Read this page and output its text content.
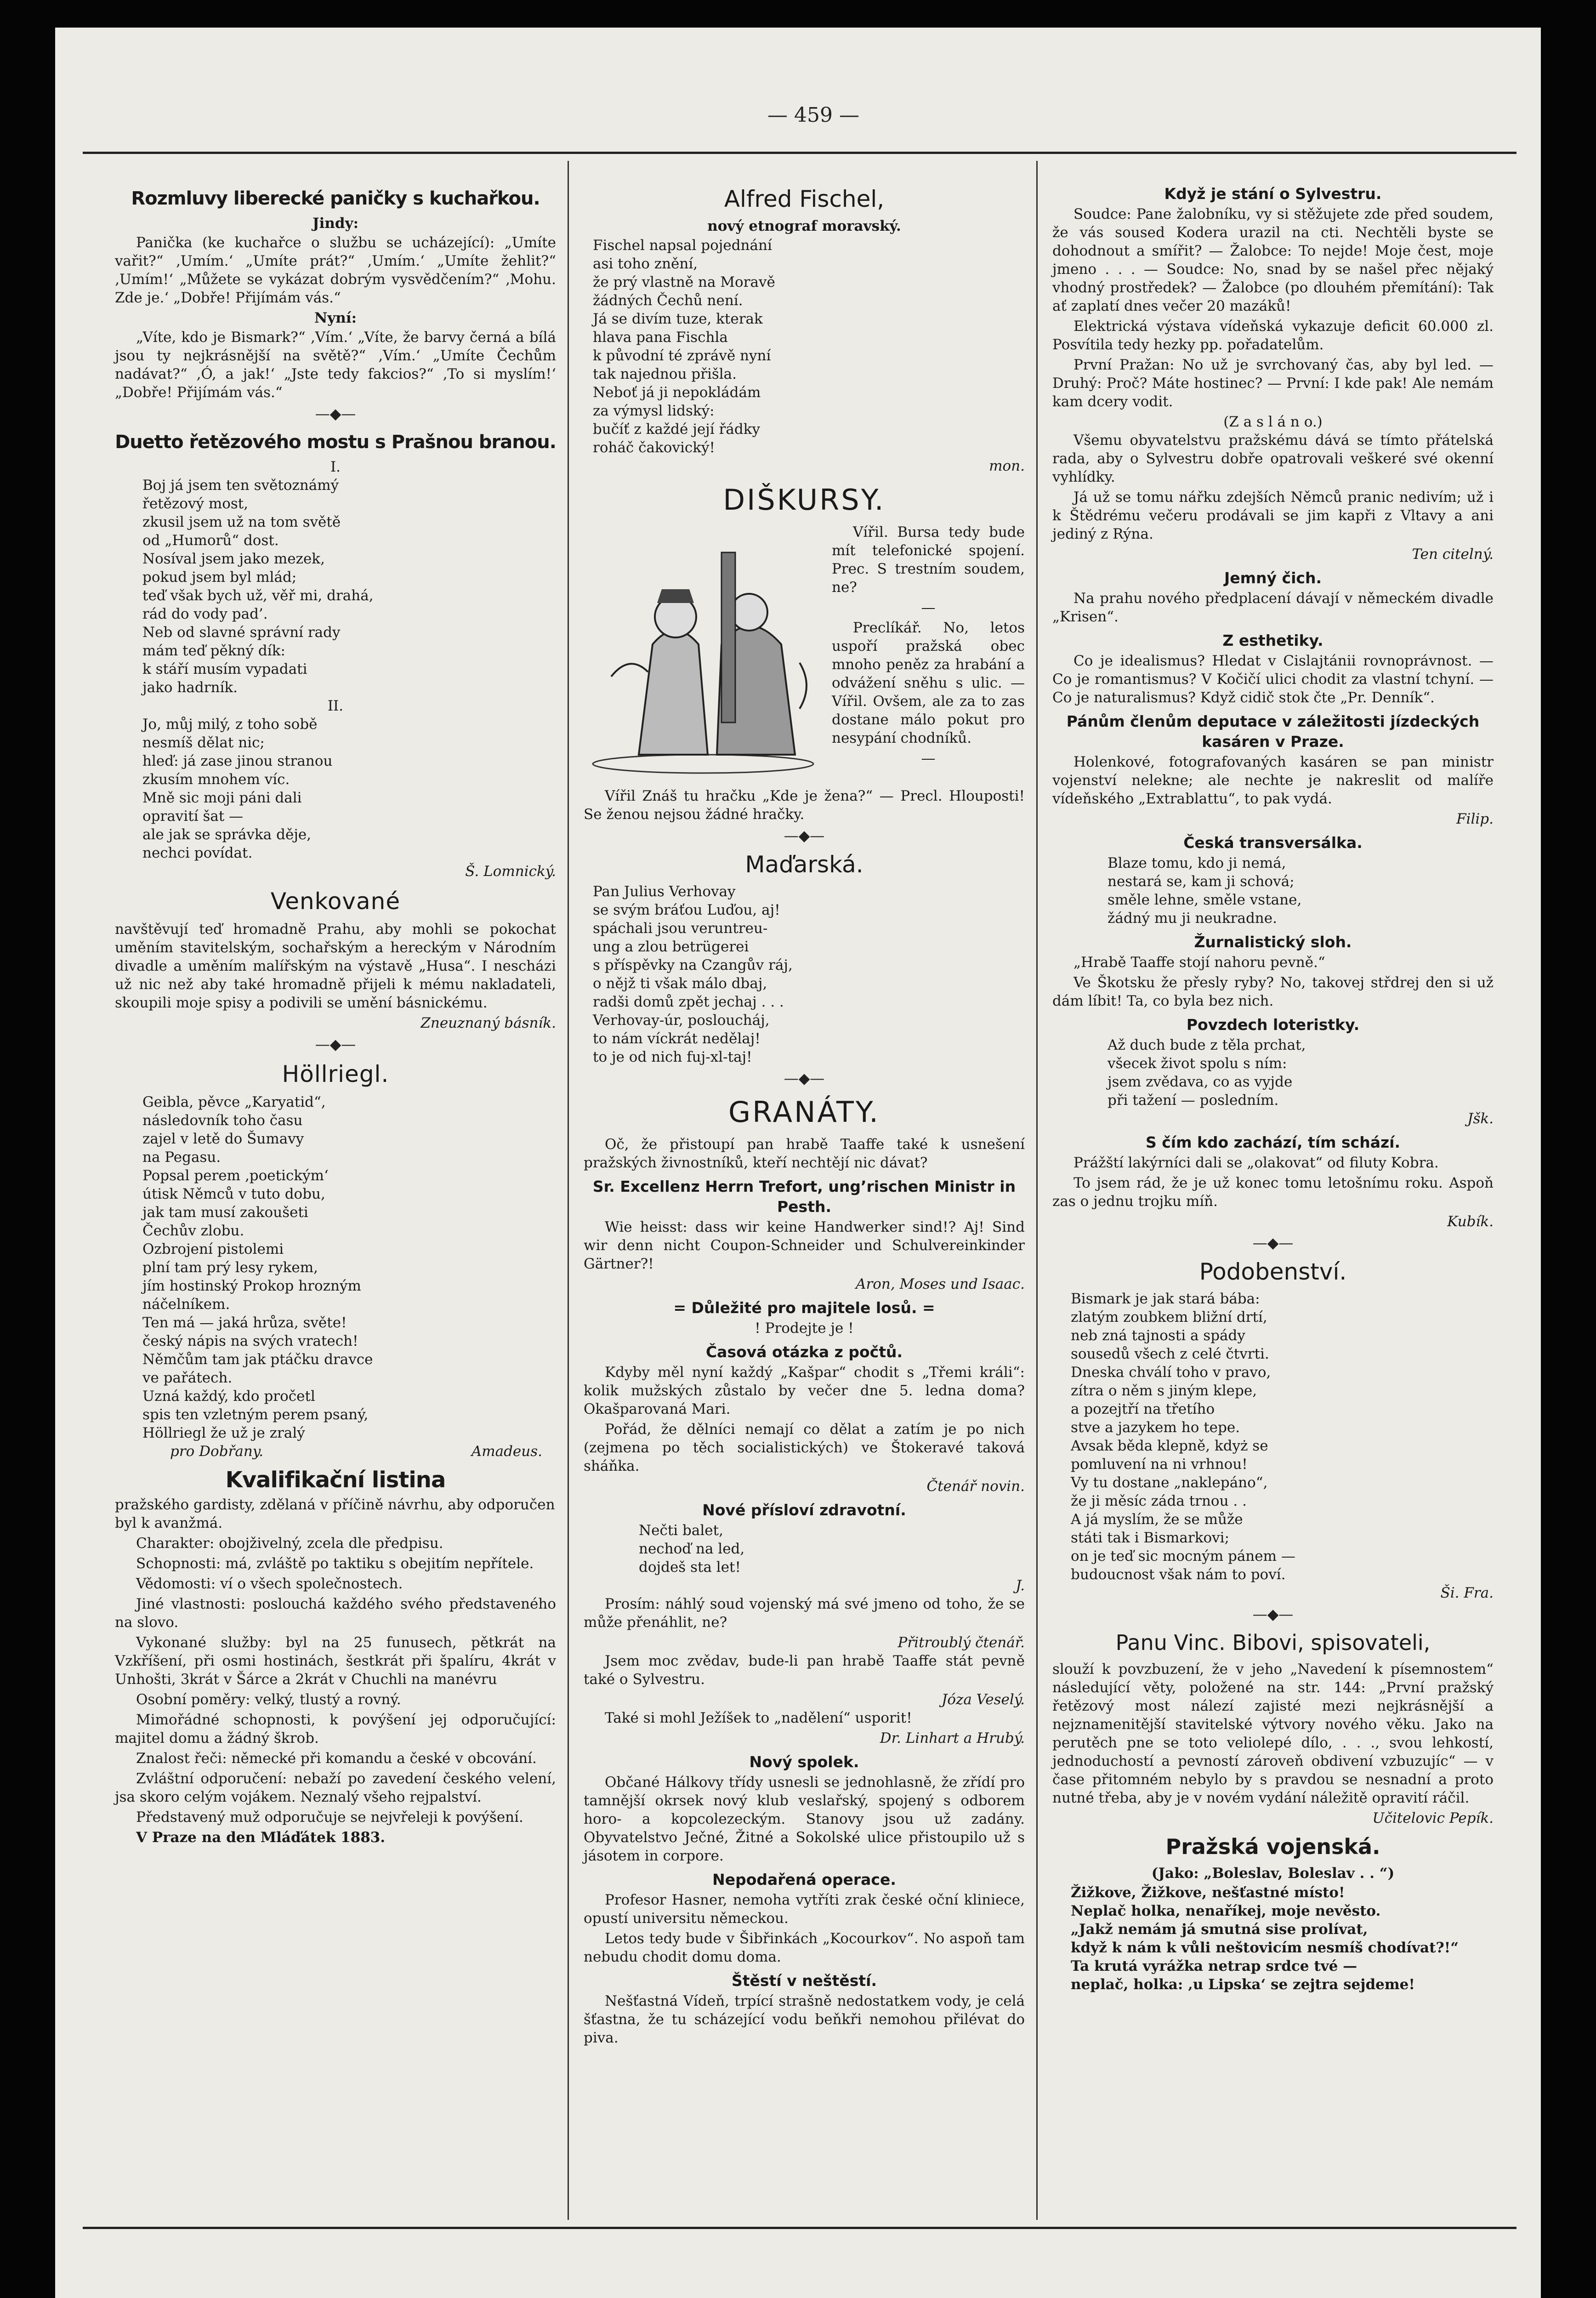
— 459 —
Rozmluvy liberecké paničky s kuchařkou.
Jindy:

Panička (ke kuchařce o službu se ucházející): „Umíte vařit?“ ‚Umím.‘ „Umíte prát?“ ‚Umím.‘ „Umíte žehlit?“ ‚Umím!‘ „Můžete se vykázat dobrým vysvědčením?“ ‚Mohu. Zde je.‘ „Dobře! Přijímám vás.“

Nyní:

„Víte, kdo je Bismark?“ ‚Vím.‘ „Víte, že barvy černá a bílá jsou ty nejkrásnější na světě?“ ‚Vím.‘ „Umíte Čechům nadávat?“ ‚Ó, a jak!‘ „Jste tedy fakcios?“ ‚To si myslím!‘ „Dobře! Přijímám vás.“

—◆—
Duetto řetězového mostu s Prašnou branou.
I.
Boj já jsem ten světoznámý
řetězový most,
zkusil jsem už na tom světě
od „Humorů“ dost.
Nosíval jsem jako mezek,
pokud jsem byl mlád;
teď však bych už, věř mi, drahá,
rád do vody pad’.
Neb od slavné správní rady
mám teď pěkný dík:
k stáří musím vypadati
jako hadrník.
II.
Jo, můj milý, z toho sobě
nesmíš dělat nic;
hleď: já zase jinou stranou
zkusím mnohem víc.
Mně sic moji páni dali
opravití šat —
ale jak se správka děje,
nechci povídat.
Š. Lomnický.
Venkované

navštěvují teď hromadně Prahu, aby mohli se pokochat uměním stavitelským, sochařským a hereckým v Národním divadle a uměním malířským na výstavě „Husa“. I nescházi už nic než aby také hromadně přijeli k mému nakladateli, skoupili moje spisy a podivili se umění básnickému.

Zneuznaný básník.
—◆—
Höllriegl.
Geibla, pěvce „Karyatid“,
následovník toho času
zajel v letě do Šumavy
na Pegasu.
Popsal perem ‚poetickým‘
útisk Němců v tuto dobu,
jak tam musí zakoušeti
Čechův zlobu.
Ozbrojení pistolemi
plní tam prý lesy rykem,
jím hostinský Prokop hrozným
náčelníkem.
Ten má — jaká hrůza, světe!
český nápis na svých vratech!
Němčům tam jak ptáčku dravce
ve pařátech.
Uzná každý, kdo pročetl
spis ten vzletným perem psaný,
Höllriegl že už je zralý
pro Dobřany.	Amadeus.
Kvalifikační listina

pražského gardisty, zdělaná v příčině návrhu, aby odporučen byl k avanžmá.

Charakter: obojživelný, zcela dle předpisu.

Schopnosti: má, zvláště po taktiku s obejitím nepřítele.

Vědomosti: ví o všech společnostech.

Jiné vlastnosti: poslouchá každého svého představeného na slovo.

Vykonané služby: byl na 25 funusech, pětkrát na Vzkříšení, při osmi hostinách, šestkrát při špalíru, 4krát v Unhošti, 3krát v Šárce a 2krát v Chuchli na manévru

Osobní poměry: velký, tlustý a rovný.

Mimořádné schopnosti, k povýšení jej odporučující: majitel domu a žádný škrob.

Znalost řeči: německé při komandu a české v obcování.

Zvláštní odporučení: nebaží po zavedení českého velení, jsa skoro celým vojákem. Neznalý všeho rejpalství.

Představený muž odporučuje se nejvřeleji k povýšení.

V Praze na den Mláďátek 1883.

Alfred Fischel,
nový etnograf moravský.
Fischel napsal pojednání
asi toho znění,
že prý vlastně na Moravě
žádných Čechů není.
Já se divím tuze, kterak
hlava pana Fischla
k původní té zprávě nyní
tak najednou přišla.
Neboť já ji nepokládám
za výmysl lidský:
bučíť z každé její řádky
roháč čakovický!
mon.
DIŠKURSY.

Vířil. Bursa tedy bude mít telefonické spojení. Prec. S trestním soudem, ne?

—

Preclíkář. No, letos uspoří pražská obec mnoho peněz za hrabání a odvážení sněhu s ulic. — Vířil. Ovšem, ale za to zas dostane málo pokut pro nesypání chodníků.

—

Vířil Znáš tu hračku „Kde je žena?“ — Precl. Hlouposti! Se ženou nejsou žádné hračky.

—◆—
Maďarská.
Pan Julius Verhovay
se svým bráťou Luďou, aj!
spáchali jsou veruntreu-
ung a zlou betrügerei
s příspěvky na Czangův ráj,
o nějž ti však málo dbaj,
radši domů zpět jechaj . . .
Verhovay-úr, posloucháj,
to nám víckrát nedělaj!
to je od nich fuj-xl-taj!
—◆—
GRANÁTY.

Oč, že přistoupí pan hrabě Taaffe také k usnešení pražských živnostníků, kteří nechtějí nic dávat?

Sr. Excellenz Herrn Trefort, ung’rischen Ministr in Pesth.

Wie heisst: dass wir keine Handwerker sind!? Aj! Sind wir denn nicht Coupon-Schneider und Schulvereinkinder Gärtner?!

Aron, Moses und Isaac.
= Důležité pro majitele losů. =
! Prodejte je !
Časová otázka z počtů.

Kdyby měl nyní každý „Kašpar“ chodit s „Třemi králi“: kolik mužských zůstalo by večer dne 5. ledna doma? Okašparovaná Mari.

Pořád, že dělníci nemají co dělat a zatím je po nich (zejmena po těch socialistických) ve Štokeravé taková sháňka.

Čtenář novin.
Nové přísloví zdravotní.
Nečti balet,
nechoď na led,
dojdeš sta let!
J.

Prosím: náhlý soud vojenský má své jmeno od toho, že se může přenáhlit, ne?

Přitroublý čtenář.

Jsem moc zvědav, bude-li pan hrabě Taaffe stát pevně také o Sylvestru.

Józa Veselý.

Také si mohl Ježíšek to „nadělení“ usporit!

Dr. Linhart a Hrubý.
Nový spolek.

Občané Hálkovy třídy usnesli se jednohlasně, že zřídí pro tamnější okrsek nový klub veslařský, spojený s odborem horo- a kopcolezeckým. Stanovy jsou už zadány. Obyvatelstvo Ječné, Žitné a Sokolské ulice přistoupilo už s jásotem in corpore.

Nepodařená operace.

Profesor Hasner, nemoha vytříti zrak české oční kliniece, opustí universitu německou.

Letos tedy bude v Šibřinkách „Kocourkov“. No aspoň tam nebudu chodit domu doma.

Štěstí v neštěstí.

Nešťastná Vídeň, trpící strašně nedostatkem vody, je celá šťastna, že tu scházející vodu beňkři nemohou přilévat do piva.

Když je stání o Sylvestru.

Soudce: Pane žalobníku, vy si stěžujete zde před soudem, že vás soused Kodera urazil na cti. Nechtěli byste se dohodnout a smířit? — Žalobce: To nejde! Moje čest, moje jmeno . . . — Soudce: No, snad by se našel přec nějaký vhodný prostředek? — Žalobce (po dlouhém přemítání): Tak ať zaplatí dnes večer 20 mazáků!

Elektrická výstava vídeňská vykazuje deficit 60.000 zl. Posvítila tedy hezky pp. pořadatelům.

První Pražan: No už je svrchovaný čas, aby byl led. — Druhý: Proč? Máte hostinec? — První: I kde pak! Ale nemám kam dcery vodit.

(Z a s l á n o.)

Všemu obyvatelstvu pražskému dává se tímto přátelská rada, aby o Sylvestru dobře opatrovali veškeré své okenní vyhlídky.

Já už se tomu nářku zdejších Němců pranic nedivím; už i k Štědrému večeru prodávali se jim kapři z Vltavy a ani jediný z Rýna.

Ten citelný.
Jemný čich.

Na prahu nového předplacení dávají v německém divadle „Krisen“.

Z esthetiky.

Co je idealismus? Hledat v Cislajtánii rovnoprávnost. — Co je romantismus? V Kočičí ulici chodit za vlastní tchyní. — Co je naturalismus? Když cidič stok čte „Pr. Denník“.

Pánům členům deputace v záležitosti jízdeckých kasáren v Praze.

Holenkové, fotografovaných kasáren se pan ministr vojenství nelekne; ale nechte je nakreslit od malíře vídeňského „Extrablattu“, to pak vydá.

Filip.
Česká transversálka.
Blaze tomu, kdo ji nemá,
nestará se, kam ji schová;
směle lehne, směle vstane,
žádný mu ji neukradne.
Žurnalistický sloh.

„Hrabě Taaffe stojí nahoru pevně.“

Ve Škotsku že přesly ryby? No, takovej střdrej den si už dám líbit! Ta, co byla bez nich.

Povzdech loteristky.
Až duch bude z těla prchat,
všecek život spolu s ním:
jsem zvědava, co as vyjde
při tažení — posledním.
Jšk.
S čím kdo zachází, tím schází.

Prážští lakýrníci dali se „olakovat“ od filuty Kobra.

To jsem rád, že je už konec tomu letošnímu roku. Aspoň zas o jednu trojku míň.

Kubík.
—◆—
Podobenství.
Bismark je jak stará bába:
zlatým zoubkem bližní drtí,
neb zná tajnosti a spády
sousedů všech z celé čtvrti.
Dneska chválí toho v pravo,
zítra o něm s jiným klepe,
a pozejtří na třetího
stve a jazykem ho tepe.
Avsak běda klepně, kdyż se
pomluvení na ni vrhnou!
Vy tu dostane „naklepáno“,
že ji měsíc záda trnou . .
A já myslím, že se může
státi tak i Bismarkovi;
on je teď sic mocným pánem —
budoucnost však nám to poví.
Ši. Fra.
—◆—
Panu Vinc. Bibovi, spisovateli,

slouží k povzbuzení, že v jeho „Navedení k písemnostem“ následující věty, položené na str. 144: „První pražský řetězový most nálezí zajisté mezi nejkrásnější a nejznamenitější stavitelské výtvory nového věku. Jako na perutěch pne se toto veliolepé dílo, . . ., svou lehkostí, jednoduchostí a pevností zároveň obdivení vzbuzujíc“ — v čase přitomném nebylo by s pravdou se nesnadní a proto nutné třeba, aby je v novém vydání náležitě opravití ráčil.

Učitelovic Pepík.
Pražská vojenská.
(Jako: „Boleslav, Boleslav . . “)
Žižkove, Žižkove, nešťastné místo!
Neplač holka, nenaříkej, moje nevěsto.
„Jakž nemám já smutná sise prolívat,
když k nám k vůli neštovicím nesmíš chodívat?!“
Ta krutá vyrážka netrap srdce tvé —
neplač, holka: ‚u Lipska‘ se zejtra sejdeme!
